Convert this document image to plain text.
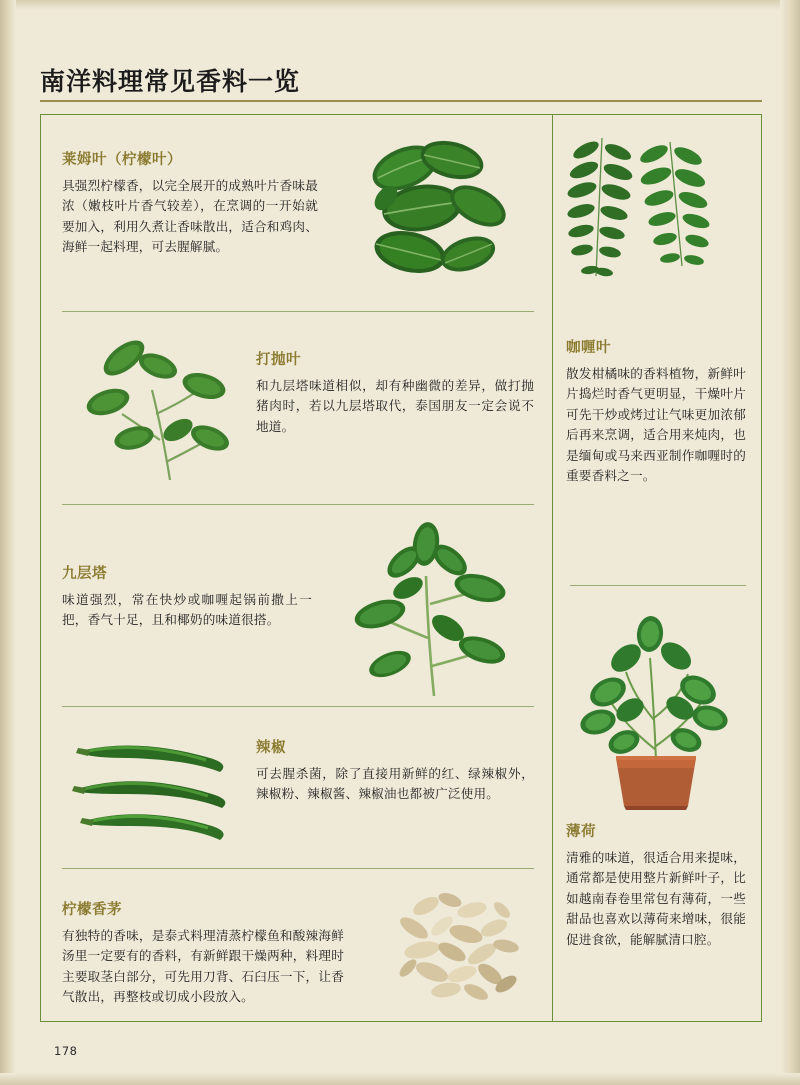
南洋料理常见香料一览
莱姆叶（柠檬叶）
具强烈柠檬香，以完全展开的成熟叶片香味最浓（嫩枝叶片香气较差），在烹调的一开始就要加入，利用久煮让香味散出，适合和鸡肉、海鲜一起料理，可去腥解腻。
咖喱叶
散发柑橘味的香料植物，新鲜叶片捣烂时香气更明显，干燥叶片可先干炒或烤过让气味更加浓郁后再来烹调，适合用来炖肉，也是缅甸或马来西亚制作咖喱时的重要香料之一。
打抛叶
和九层塔味道相似，却有种幽微的差异，做打抛猪肉时，若以九层塔取代，泰国朋友一定会说不地道。
九层塔
味道强烈，常在快炒或咖喱起锅前撒上一把，香气十足，且和椰奶的味道很搭。
薄荷
清雅的味道，很适合用来提味，通常都是使用整片新鲜叶子，比如越南春卷里常包有薄荷，一些甜品也喜欢以薄荷来增味，很能促进食欲，能解腻清口腔。
辣椒
可去腥杀菌，除了直接用新鲜的红、绿辣椒外，辣椒粉、辣椒酱、辣椒油也都被广泛使用。
柠檬香茅
有独特的香味，是泰式料理清蒸柠檬鱼和酸辣海鲜汤里一定要有的香料，有新鲜跟干燥两种，料理时主要取茎白部分，可先用刀背、石臼压一下，让香气散出，再整枝或切成小段放入。
178
